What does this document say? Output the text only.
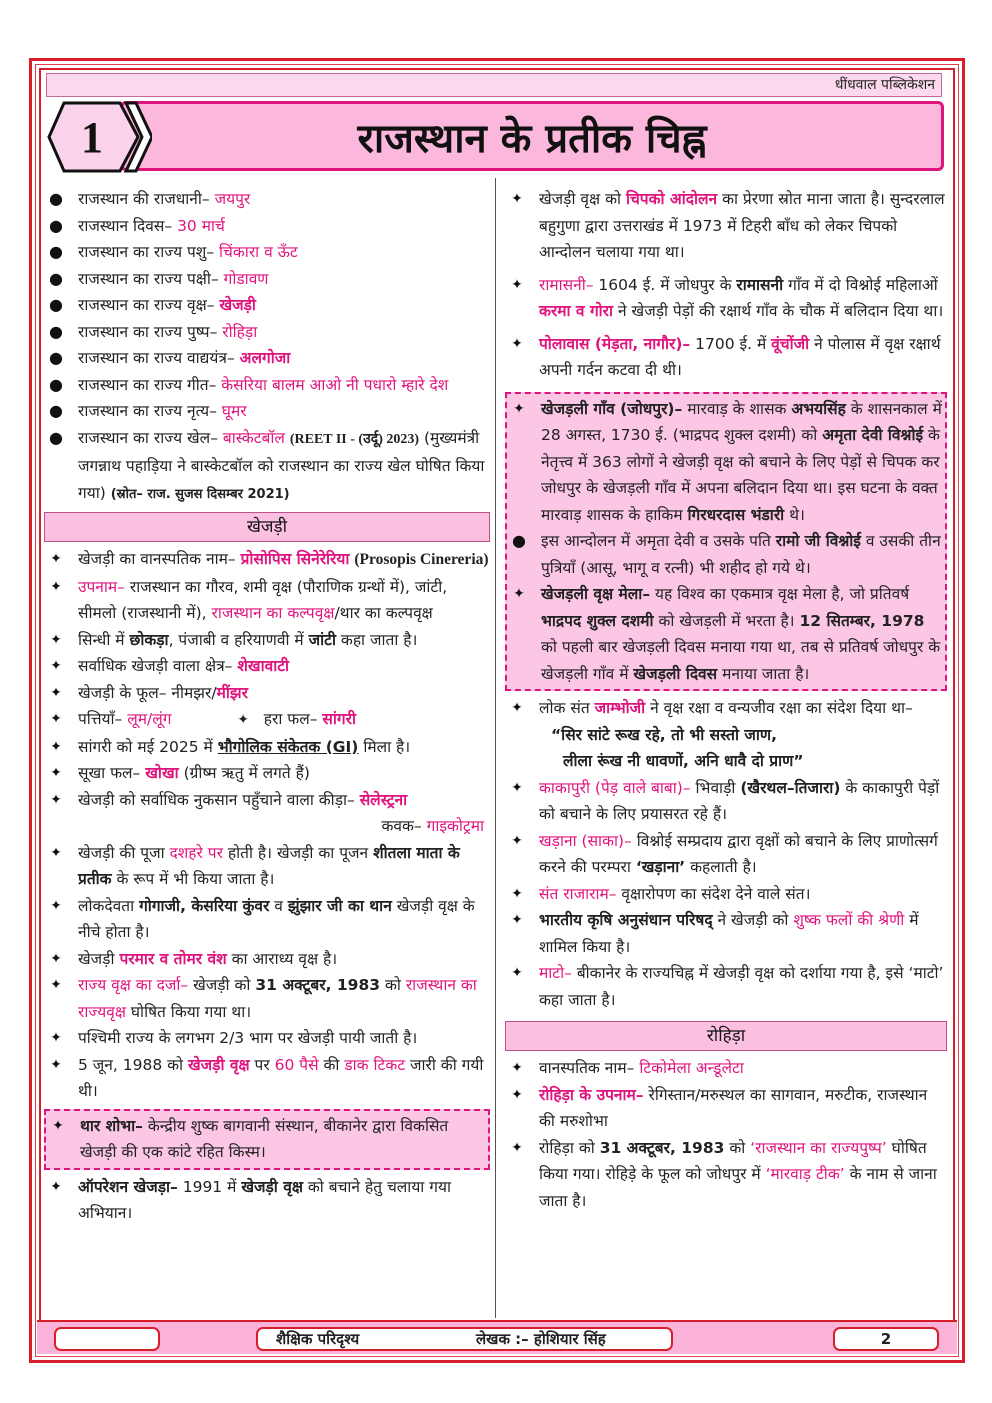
धींधवाल पब्लिकेशन
1	राजस्थान के प्रतीक चिह्न
● राजस्थान की राजधानी– जयपुर
● राजस्थान दिवस– 30 मार्च
● राजस्थान का राज्य पशु– चिंकारा व ऊँट
● राजस्थान का राज्य पक्षी– गोडावण
● राजस्थान का राज्य वृक्ष– खेजड़ी
● राजस्थान का राज्य पुष्प– रोहिड़ा
● राजस्थान का राज्य वाद्ययंत्र– अलगोजा
● राजस्थान का राज्य गीत– केसरिया बालम आओ नी पधारो म्हारे देश
● राजस्थान का राज्य नृत्य– घूमर
● राजस्थान का राज्य खेल– बास्केटबॉल (REET II - (उर्दू) 2023) (मुख्यमंत्री जगन्नाथ पहाड़िया ने बास्केटबॉल को राजस्थान का राज्य खेल घोषित किया गया) (स्रोत– राज. सुजस दिसम्बर 2021)
खेजड़ी
✦ खेजड़ी का वानस्पतिक नाम– प्रोसोपिस सिनेरेरिया (Prosopis Cinereria)
✦ उपनाम– राजस्थान का गौरव, शमी वृक्ष (पौराणिक ग्रन्थों में), जांटी, सीमलो (राजस्थानी में), राजस्थान का कल्पवृक्ष/थार का कल्पवृक्ष
✦ सिन्धी में छोकड़ा, पंजाबी व हरियाणवी में जांटी कहा जाता है।
✦ सर्वाधिक खेजड़ी वाला क्षेत्र– शेखावाटी
✦ खेजड़ी के फूल– नीमझर/मींझर
✦ पत्तियाँ– लूम/लूंग	✦ हरा फल– सांगरी
✦ सांगरी को मई 2025 में भौगोलिक संकेतक (GI) मिला है।
✦ सूखा फल– खोखा (ग्रीष्म ऋतु में लगते हैं)
✦ खेजड़ी को सर्वाधिक नुकसान पहुँचाने वाला कीड़ा– सेलेस्ट्रना
कवक– गाइकोट्रमा
✦ खेजड़ी की पूजा दशहरे पर होती है। खेजड़ी का पूजन शीतला माता के प्रतीक के रूप में भी किया जाता है।
✦ लोकदेवता गोगाजी, केसरिया कुंवर व झुंझार जी का थान खेजड़ी वृक्ष के नीचे होता है।
✦ खेजड़ी परमार व तोमर वंश का आराध्य वृक्ष है।
✦ राज्य वृक्ष का दर्जा– खेजड़ी को 31 अक्टूबर, 1983 को राजस्थान का राज्यवृक्ष घोषित किया गया था।
✦ पश्चिमी राज्य के लगभग 2/3 भाग पर खेजड़ी पायी जाती है।
✦ 5 जून, 1988 को खेजड़ी वृक्ष पर 60 पैसे की डाक टिकट जारी की गयी थी।
✦ थार शोभा– केन्द्रीय शुष्क बागवानी संस्थान, बीकानेर द्वारा विकसित खेजड़ी की एक कांटे रहित किस्म।
✦ ऑपरेशन खेजड़ा– 1991 में खेजड़ी वृक्ष को बचाने हेतु चलाया गया अभियान।
✦ खेजड़ी वृक्ष को चिपको आंदोलन का प्रेरणा स्रोत माना जाता है। सुन्दरलाल बहुगुणा द्वारा उत्तराखंड में 1973 में टिहरी बाँध को लेकर चिपको आन्दोलन चलाया गया था।
✦ रामासनी– 1604 ई. में जोधपुर के रामासनी गाँव में दो विश्नोई महिलाओं करमा व गोरा ने खेजड़ी पेड़ों की रक्षार्थ गाँव के चौक में बलिदान दिया था।
✦ पोलावास (मेड़ता, नागौर)– 1700 ई. में वूंचोंजी ने पोलास में वृक्ष रक्षार्थ अपनी गर्दन कटवा दी थी।
✦ खेजड़ली गाँव (जोधपुर)– मारवाड़ के शासक अभयसिंह के शासनकाल में 28 अगस्त, 1730 ई. (भाद्रपद शुक्ल दशमी) को अमृता देवी विश्नोई के नेतृत्त्व में 363 लोगों ने खेजड़ी वृक्ष को बचाने के लिए पेड़ों से चिपक कर जोधपुर के खेजड़ली गाँव में अपना बलिदान दिया था। इस घटना के वक्त मारवाड़ शासक के हाकिम गिरधरदास भंडारी थे।
● इस आन्दोलन में अमृता देवी व उसके पति रामो जी विश्नोई व उसकी तीन पुत्रियाँ (आसू, भागू व रत्नी) भी शहीद हो गये थे।
✦ खेजड़ली वृक्ष मेला– यह विश्व का एकमात्र वृक्ष मेला है, जो प्रतिवर्ष भाद्रपद शुक्ल दशमी को खेजड़ली में भरता है। 12 सितम्बर, 1978 को पहली बार खेजड़ली दिवस मनाया गया था, तब से प्रतिवर्ष जोधपुर के खेजड़ली गाँव में खेजड़ली दिवस मनाया जाता है।
✦ लोक संत जाम्भोजी ने वृक्ष रक्षा व वन्यजीव रक्षा का संदेश दिया था–
“सिर सांटे रूख रहे, तो भी सस्तो जाण,
लीला रूंख नी धावणों, अनि धावै दो प्राण”
✦ काकापुरी (पेड़ वाले बाबा)– भिवाड़ी (खैरथल–तिजारा) के काकापुरी पेड़ों को बचाने के लिए प्रयासरत रहे हैं।
✦ खड़ाना (साका)– विश्नोई सम्प्रदाय द्वारा वृक्षों को बचाने के लिए प्राणोत्सर्ग करने की परम्परा ‘खड़ाना’ कहलाती है।
✦ संत राजाराम– वृक्षारोपण का संदेश देने वाले संत।
✦ भारतीय कृषि अनुसंधान परिषद् ने खेजड़ी को शुष्क फलों की श्रेणी में शामिल किया है।
✦ माटो– बीकानेर के राज्यचिह्न में खेजड़ी वृक्ष को दर्शाया गया है, इसे ‘माटो’ कहा जाता है।
रोहिड़ा
✦ वानस्पतिक नाम– टिकोमेला अन्डूलेटा
✦ रोहिड़ा के उपनाम– रेगिस्तान/मरुस्थल का सागवान, मरुटीक, राजस्थान की मरुशोभा
✦ रोहिड़ा को 31 अक्टूबर, 1983 को ‘राजस्थान का राज्यपुष्प’ घोषित किया गया। रोहिड़े के फूल को जोधपुर में ‘मारवाड़ टीक’ के नाम से जाना जाता है।
शैक्षिक परिदृश्य	लेखक :– होशियार सिंह	2
